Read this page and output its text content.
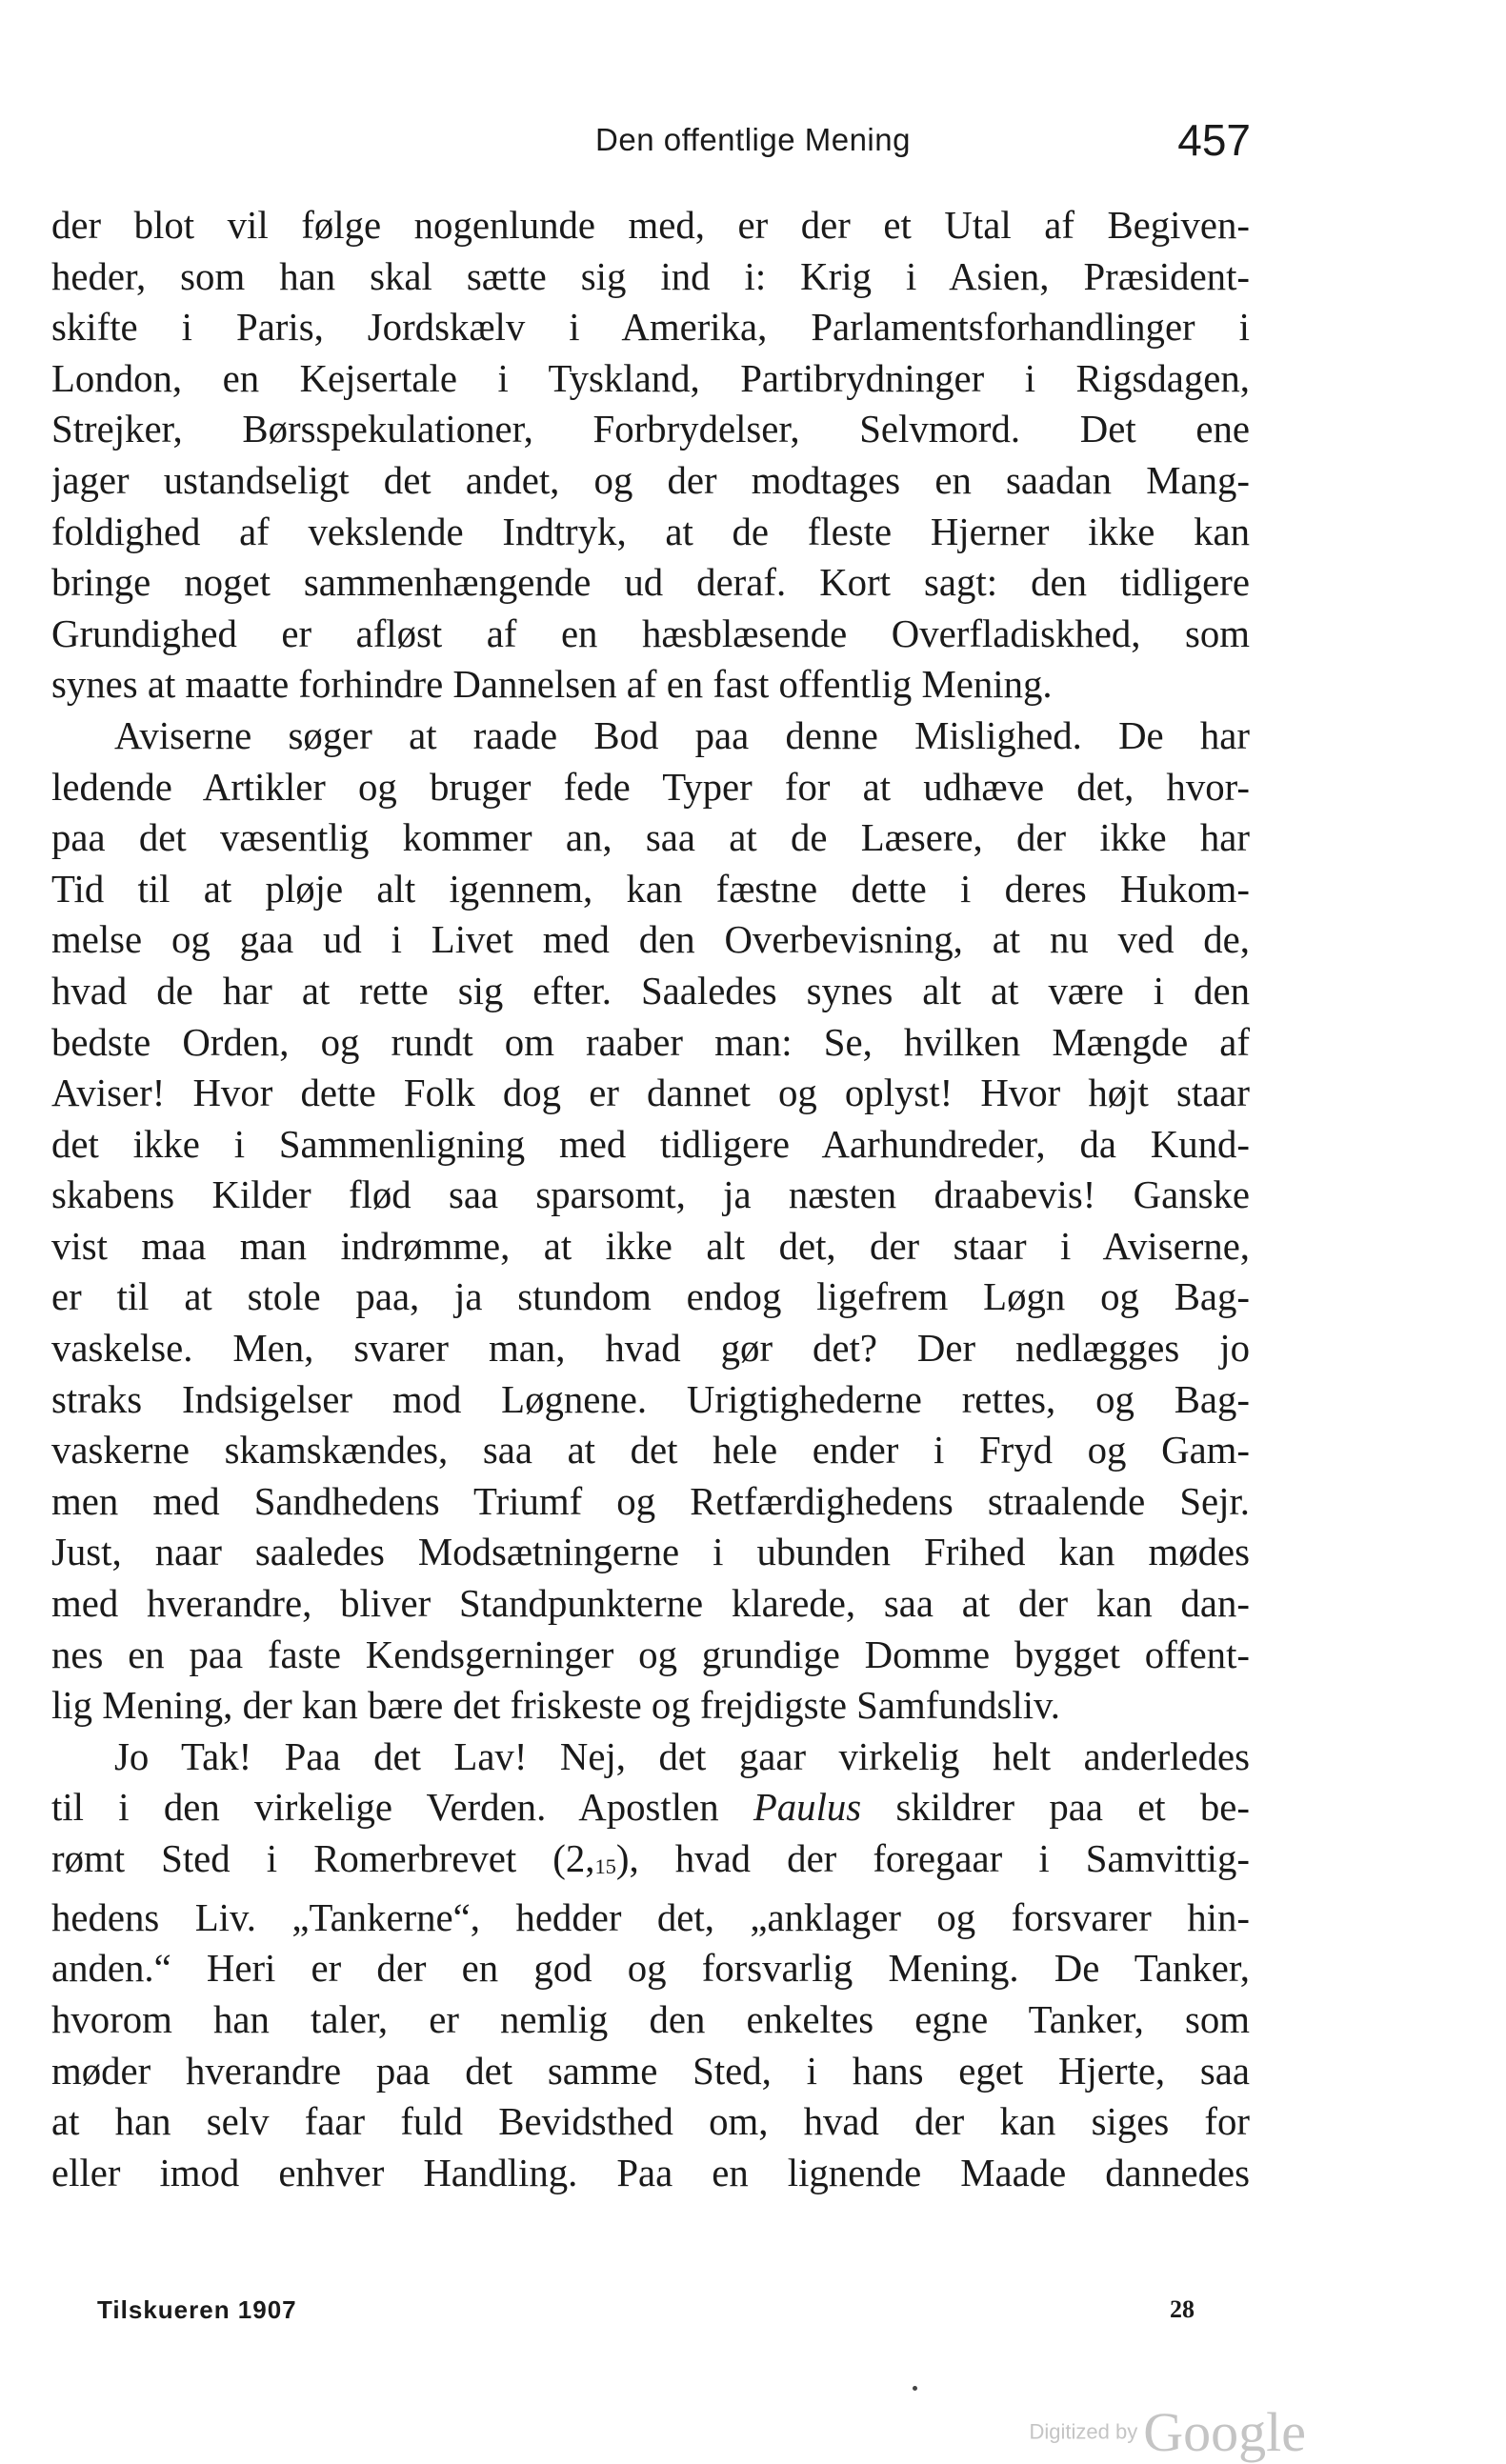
Den offentlige Mening	457
der blot vil følge nogenlunde med, er der et Utal af Begiven-
heder, som han skal sætte sig ind i: Krig i Asien, Præsident-
skifte i Paris, Jordskælv i Amerika, Parlamentsforhandlinger i
London, en Kejsertale i Tyskland, Partibrydninger i Rigsdagen,
Strejker, Børsspekulationer, Forbrydelser, Selvmord. Det ene
jager ustandseligt det andet, og der modtages en saadan Mang-
foldighed af vekslende Indtryk, at de fleste Hjerner ikke kan
bringe noget sammenhængende ud deraf. Kort sagt: den tidligere
Grundighed er afløst af en hæsblæsende Overfladiskhed, som
synes at maatte forhindre Dannelsen af en fast offentlig Mening.
Aviserne søger at raade Bod paa denne Mislighed. De har
ledende Artikler og bruger fede Typer for at udhæve det, hvor-
paa det væsentlig kommer an, saa at de Læsere, der ikke har
Tid til at pløje alt igennem, kan fæstne dette i deres Hukom-
melse og gaa ud i Livet med den Overbevisning, at nu ved de,
hvad de har at rette sig efter. Saaledes synes alt at være i den
bedste Orden, og rundt om raaber man: Se, hvilken Mængde af
Aviser! Hvor dette Folk dog er dannet og oplyst! Hvor højt staar
det ikke i Sammenligning med tidligere Aarhundreder, da Kund-
skabens Kilder flød saa sparsomt, ja næsten draabevis! Ganske
vist maa man indrømme, at ikke alt det, der staar i Aviserne,
er til at stole paa, ja stundom endog ligefrem Løgn og Bag-
vaskelse. Men, svarer man, hvad gør det? Der nedlægges jo
straks Indsigelser mod Løgnene. Urigtighederne rettes, og Bag-
vaskerne skamskændes, saa at det hele ender i Fryd og Gam-
men med Sandhedens Triumf og Retfærdighedens straalende Sejr.
Just, naar saaledes Modsætningerne i ubunden Frihed kan mødes
med hverandre, bliver Standpunkterne klarede, saa at der kan dan-
nes en paa faste Kendsgerninger og grundige Domme bygget offent-
lig Mening, der kan bære det friskeste og frejdigste Samfundsliv.
Jo Tak! Paa det Lav! Nej, det gaar virkelig helt anderledes
til i den virkelige Verden. Apostlen Paulus skildrer paa et be-
rømt Sted i Romerbrevet $(2,_{15})$, hvad der foregaar i Samvittig-
hedens Liv. „Tankerne“, hedder det, „anklager og forsvarer hin-
anden.“ Heri er der en god og forsvarlig Mening. De Tanker,
hvorom han taler, er nemlig den enkeltes egne Tanker, som
møder hverandre paa det samme Sted, i hans eget Hjerte, saa
at han selv faar fuld Bevidsthed om, hvad der kan siges for
eller imod enhver Handling. Paa en lignende Maade dannedes
Tilskueren 1907	28
Digitized by Google
